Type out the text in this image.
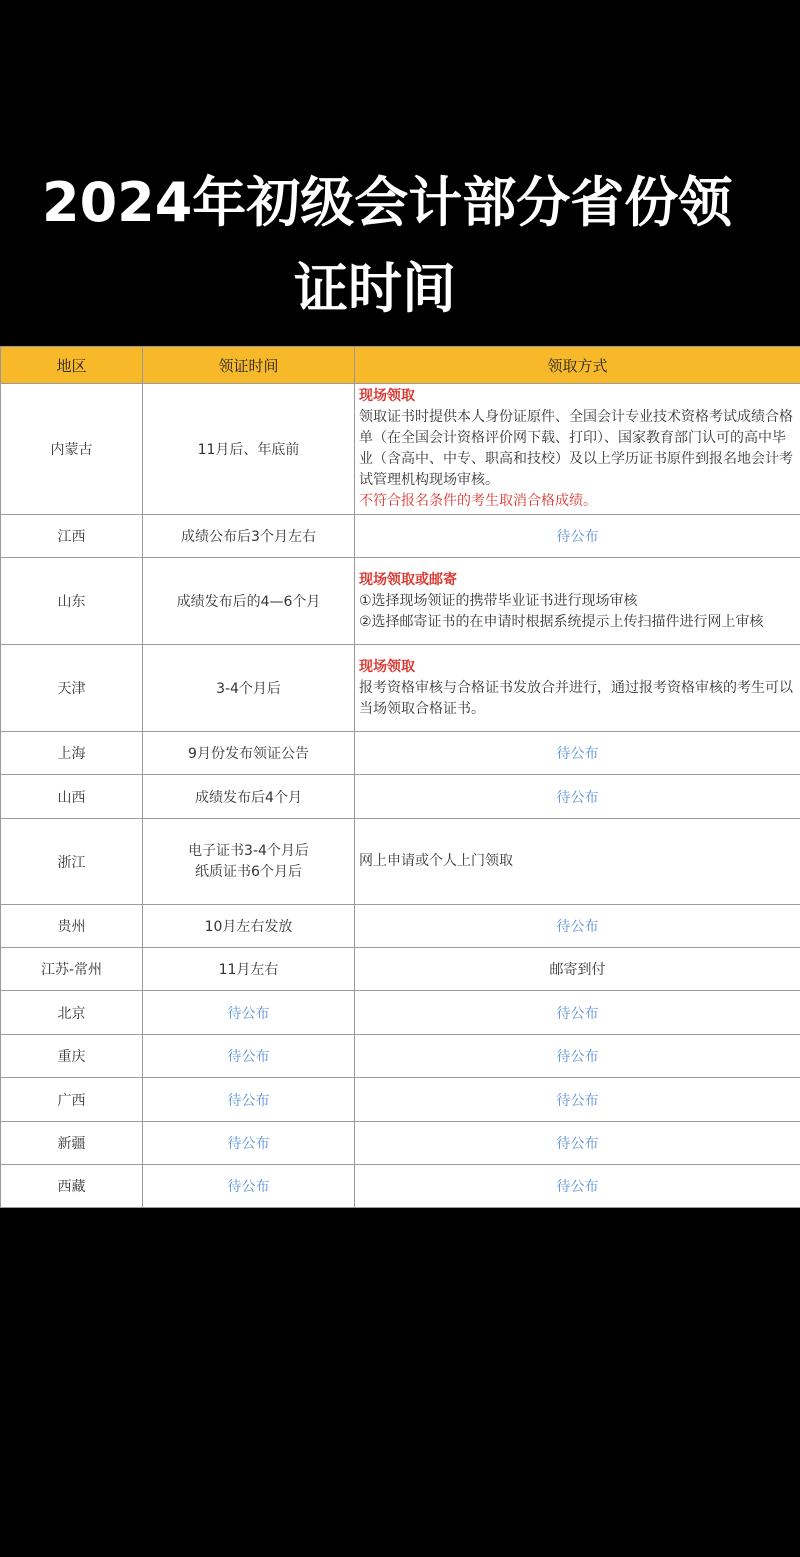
2024年初级会计部分省份领
证时间
地区	领证时间	领取方式
内蒙古	11月后、年底前	现场领取
领取证书时提供本人身份证原件、全国会计专业技术资格考试成绩合格单（在全国会计资格评价网下载、打印）、国家教育部门认可的高中毕业（含高中、中专、职高和技校）及以上学历证书原件到报名地会计考试管理机构现场审核。
不符合报名条件的考生取消合格成绩。

江西	成绩公布后3个月左右	待公布
山东	成绩发布后的4—6个月	现场领取或邮寄
①选择现场领证的携带毕业证书进行现场审核
②选择邮寄证书的在申请时根据系统提示上传扫描件进行网上审核

天津	3-4个月后	现场领取
报考资格审核与合格证书发放合并进行，通过报考资格审核的考生可以当场领取合格证书。

上海	9月份发布领证公告	待公布
山西	成绩发布后4个月	待公布
浙江	电子证书3-4个月后
纸质证书6个月后	网上申请或个人上门领取
贵州	10月左右发放	待公布
江苏-常州	11月左右	邮寄到付
北京	待公布	待公布
重庆	待公布	待公布
广西	待公布	待公布
新疆	待公布	待公布
西藏	待公布	待公布
